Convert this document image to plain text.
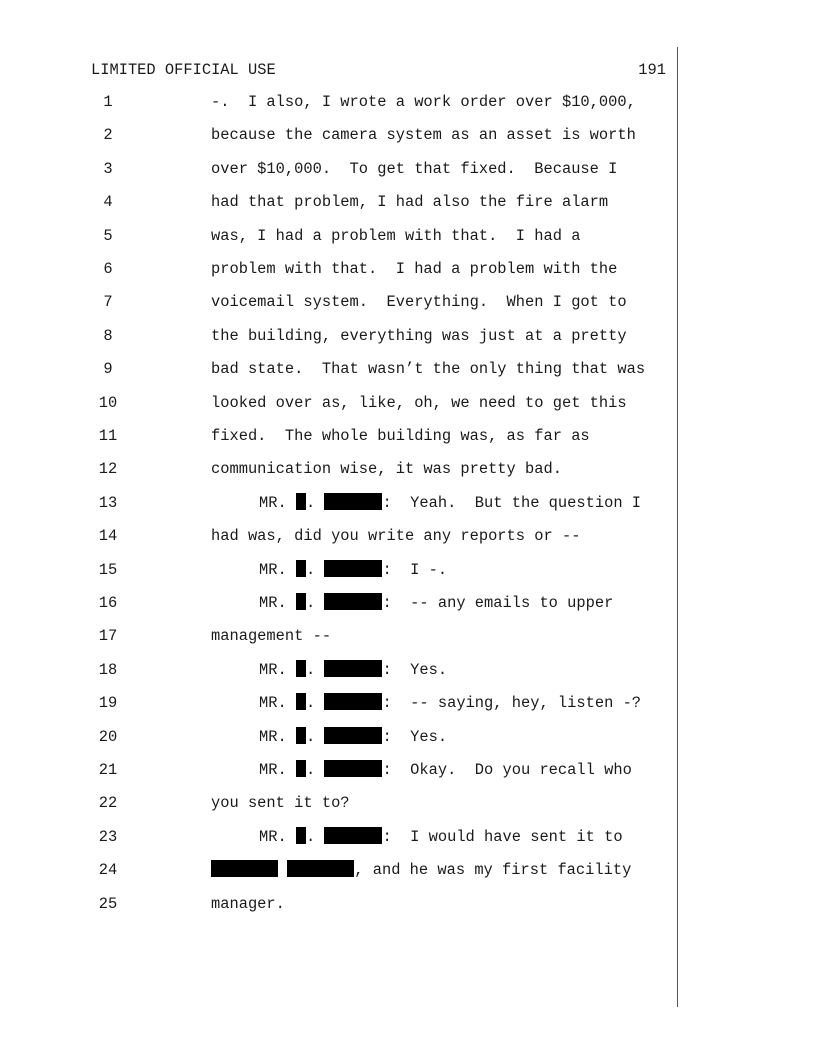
LIMITED OFFICIAL USE	191
1	-.  I also, I wrote a work order over $10,000,
2	because the camera system as an asset is worth
3	over $10,000.  To get that fixed.  Because I
4	had that problem, I had also the fire alarm
5	was, I had a problem with that.  I had a
6	problem with that.  I had a problem with the
7	voicemail system.  Everything.  When I got to
8	the building, everything was just at a pretty
9	bad state.  That wasn’t the only thing that was
10	looked over as, like, oh, we need to get this
11	fixed.  The whole building was, as far as
12	communication wise, it was pretty bad.
13	MR. .	:  Yeah.  But the question I
14	had was, did you write any reports or --
15	MR. .	:  I -.
16	MR. .	:  -- any emails to upper
17	management --
18	MR. .	:  Yes.
19	MR. .	:  -- saying, hey, listen -?
20	MR. .	:  Yes.
21	MR. .	:  Okay.  Do you recall who
22	you sent it to?
23	MR. .	:  I would have sent it to
24	, and he was my first facility
25	manager.
